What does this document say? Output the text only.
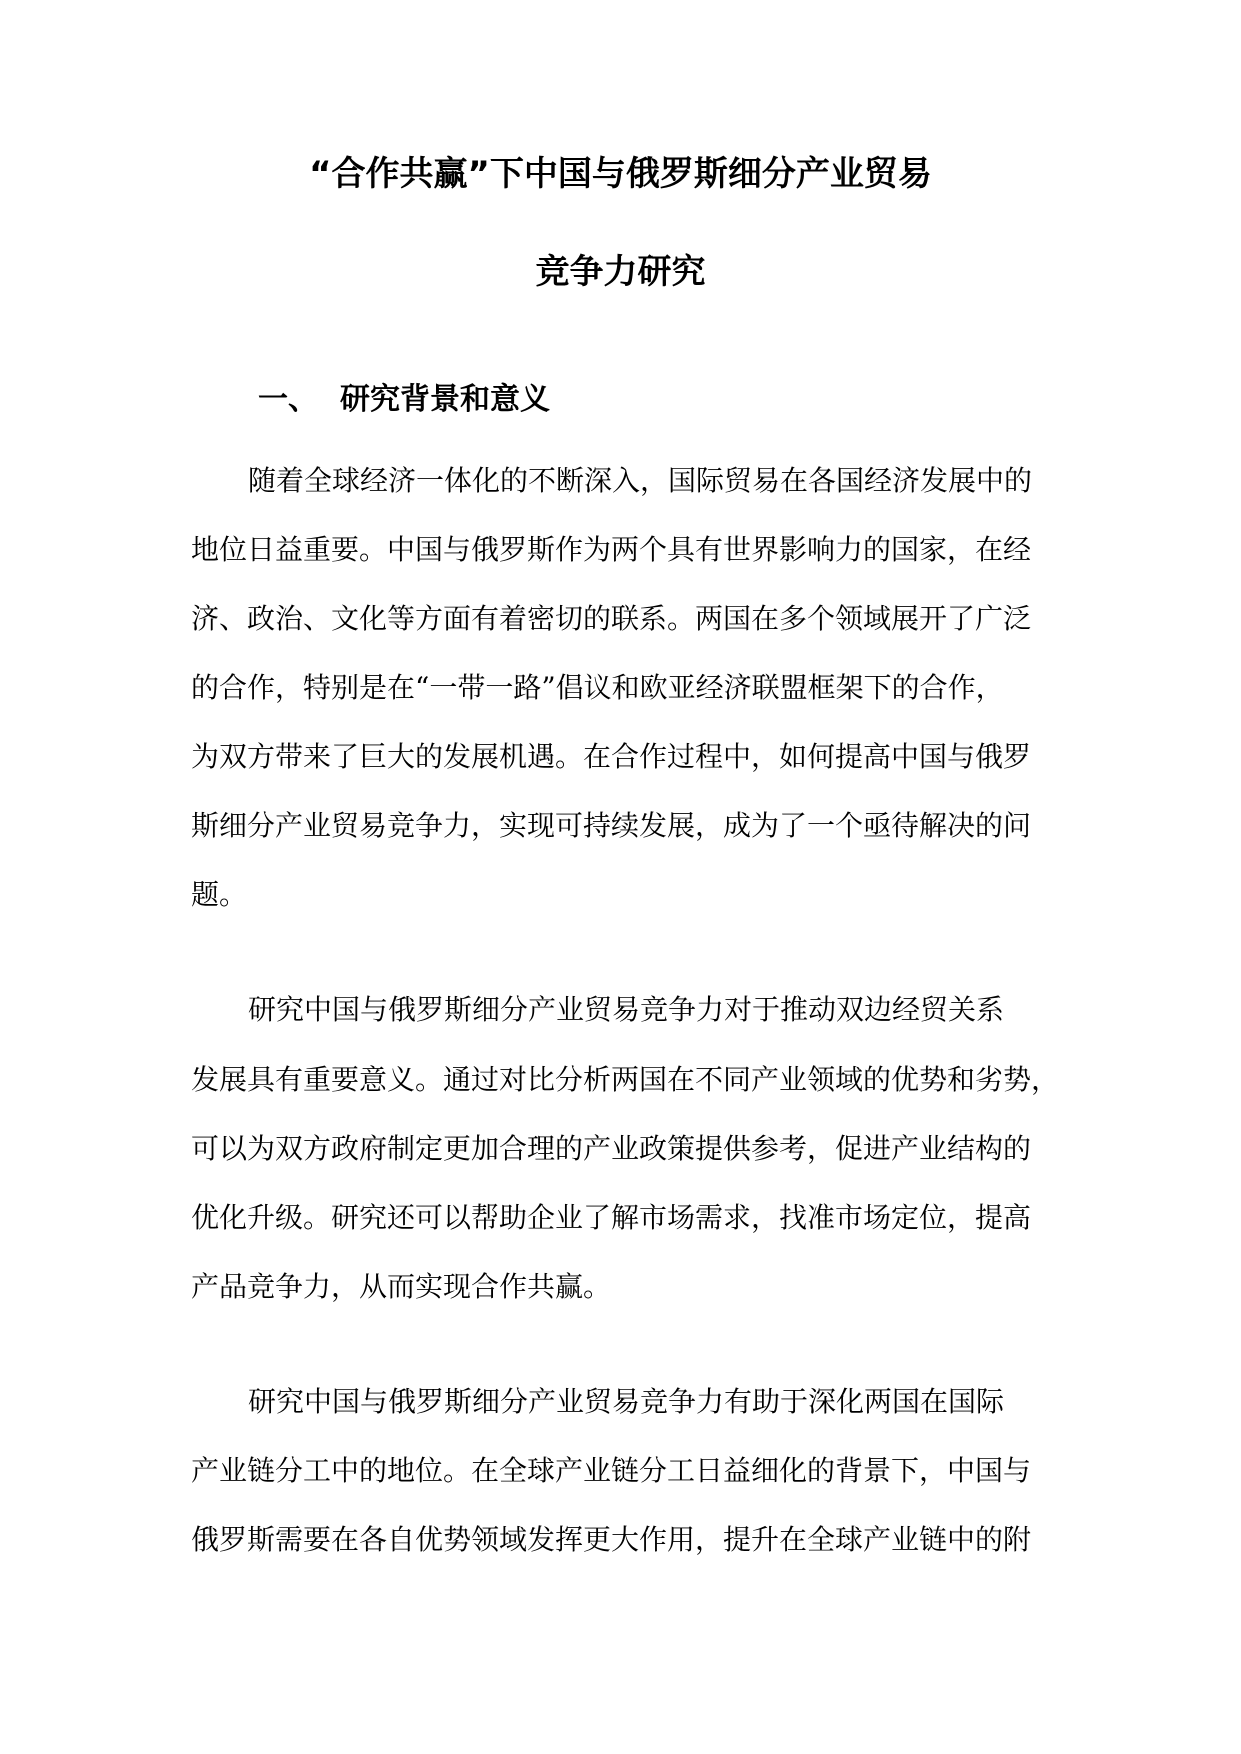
“合作共赢”下中国与俄罗斯细分产业贸易
竞争力研究
一、 研究背景和意义

随着全球经济一体化的不断深入，国际贸易在各国经济发展中的

地位日益重要。中国与俄罗斯作为两个具有世界影响力的国家，在经

济、政治、文化等方面有着密切的联系。两国在多个领域展开了广泛

的合作，特别是在“一带一路”倡议和欧亚经济联盟框架下的合作，

为双方带来了巨大的发展机遇。在合作过程中，如何提高中国与俄罗

斯细分产业贸易竞争力，实现可持续发展，成为了一个亟待解决的问

题。

研究中国与俄罗斯细分产业贸易竞争力对于推动双边经贸关系

发展具有重要意义。通过对比分析两国在不同产业领域的优势和劣势，

可以为双方政府制定更加合理的产业政策提供参考，促进产业结构的

优化升级。研究还可以帮助企业了解市场需求，找准市场定位，提高

产品竞争力，从而实现合作共赢。

研究中国与俄罗斯细分产业贸易竞争力有助于深化两国在国际

产业链分工中的地位。在全球产业链分工日益细化的背景下，中国与

俄罗斯需要在各自优势领域发挥更大作用，提升在全球产业链中的附
